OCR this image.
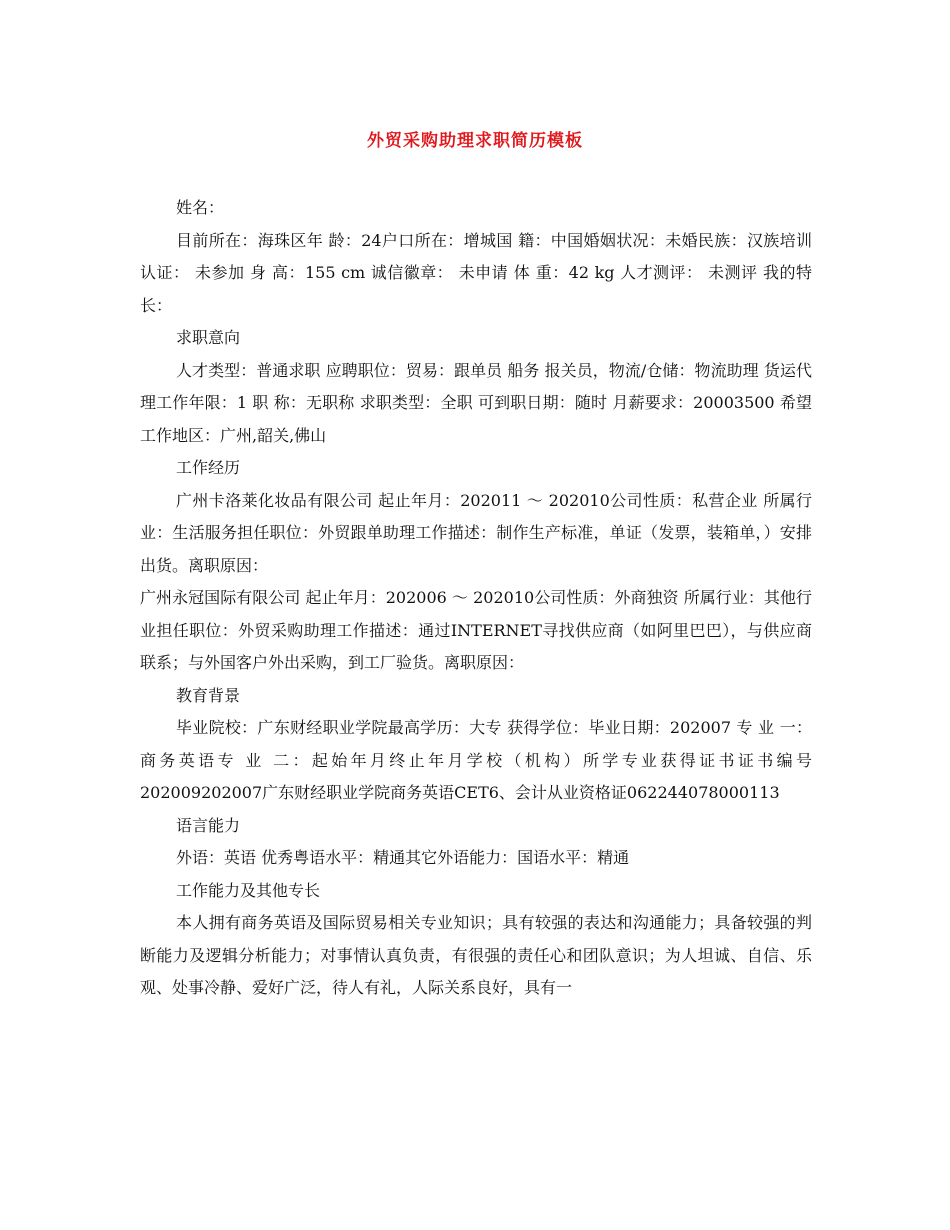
外贸采购助理求职简历模板

姓名：

目前所在：海珠区年 龄：24户口所在：增城国 籍：中国婚姻状况：未婚民族：汉族培训认证： 未参加 身 高：155 cm 诚信徽章： 未申请 体 重：42 kg 人才测评： 未测评 我的特长：

求职意向

人才类型：普通求职 应聘职位：贸易：跟单员 船务 报关员，物流/仓储：物流助理 货运代理工作年限：1 职 称：无职称 求职类型：全职 可到职日期：随时 月薪要求：20003500 希望工作地区：广州,韶关,佛山

工作经历

广州卡洛莱化妆品有限公司 起止年月：202011 ～ 202010公司性质：私营企业 所属行业：生活服务担任职位：外贸跟单助理工作描述：制作生产标准，单证（发票，装箱单，）安排出货。离职原因：

广州永冠国际有限公司 起止年月：202006 ～ 202010公司性质：外商独资 所属行业：其他行业担任职位：外贸采购助理工作描述：通过INTERNET寻找供应商（如阿里巴巴），与供应商联系；与外国客户外出采购，到工厂验货。离职原因：

教育背景

毕业院校：广东财经职业学院最高学历：大专 获得学位：毕业日期：202007 专 业 一：商务英语专 业 二：起始年月终止年月学校（机构）所学专业获得证书证书编号202009202007广东财经职业学院商务英语CET6、会计从业资格证062244078000113

语言能力

外语：英语 优秀粤语水平：精通其它外语能力：国语水平：精通

工作能力及其他专长

本人拥有商务英语及国际贸易相关专业知识；具有较强的表达和沟通能力；具备较强的判断能力及逻辑分析能力；对事情认真负责，有很强的责任心和团队意识；为人坦诚、自信、乐观、处事冷静、爱好广泛，待人有礼，人际关系良好，具有一
